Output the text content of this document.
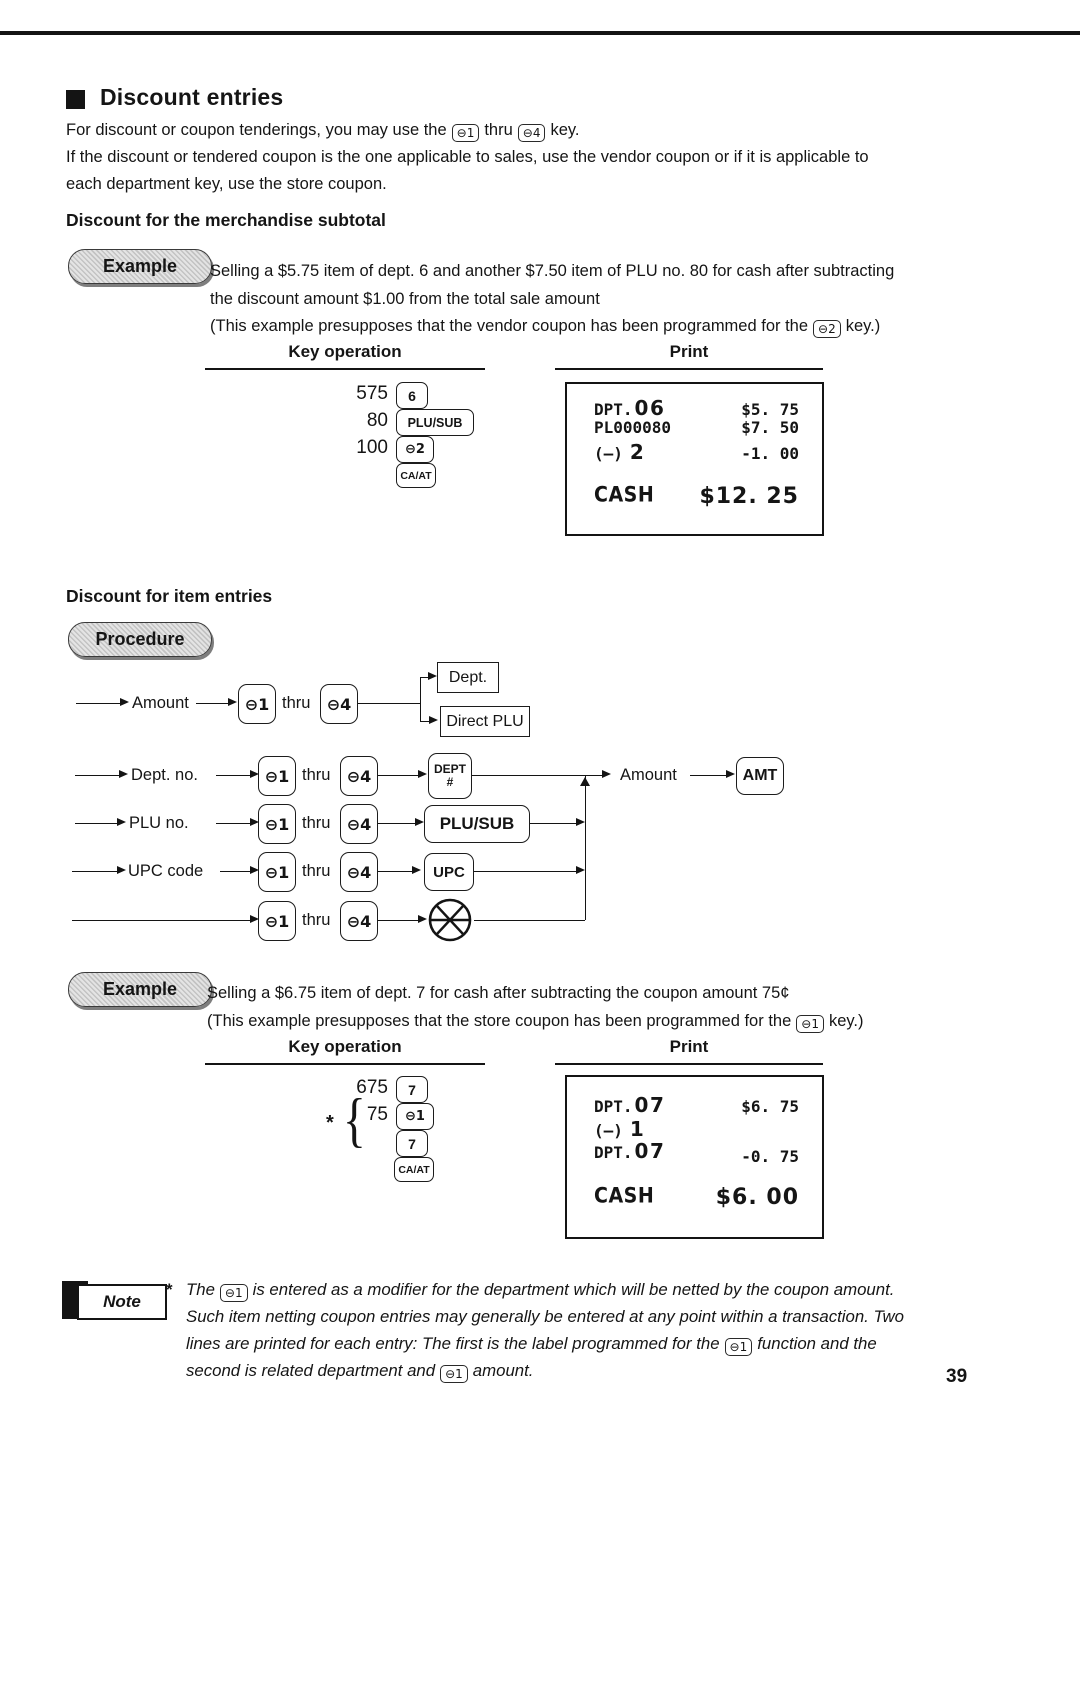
Discount entries
For discount or coupon tenderings, you may use the ⊖1 thru ⊖4 key.
If the discount or tendered coupon is the one applicable to sales, use the vendor coupon or if it is applicable to
each department key, use the store coupon.
Discount for the merchandise subtotal
Example	Selling a $5.75 item of dept. 6 and another $7.50 item of PLU no. 80 for cash after subtracting
the discount amount $1.00 from the total sale amount
(This example presupposes that the vendor coupon has been programmed for the ⊖2 key.)
Key operation	Print
575	6
80	PLU/SUB
100	⊖2
CA/AT
DPT. 06	$5. 75
PL000080	$7. 50
(—) 2	-1. 00
CASH $12. 25
Discount for item entries
Procedure
Amount	⊖1 thru	⊖4
Dept.
Direct PLU
Dept. no.	⊖1 thru	⊖4	DEPT
#	Amount	AMT
PLU no.	⊖1 thru	⊖4	PLU/SUB
UPC code	⊖1 thru	⊖4	UPC
⊖1 thru	⊖4
Example	Selling a $6.75 item of dept. 7 for cash after subtracting the coupon amount 75¢
(This example presupposes that the store coupon has been programmed for the ⊖1 key.)
Key operation	Print
675	7
* { 75	⊖1
7
CA/AT
DPT. 07	$6. 75
(—) 1
DPT. 07	-0. 75
CASH	$6. 00
Note
* The ⊖1 is entered as a modifier for the department which will be netted by the coupon amount.
Such item netting coupon entries may generally be entered at any point within a transaction. Two
lines are printed for each entry: The first is the label programmed for the ⊖1 function and the
second is related department and ⊖1 amount.	39
